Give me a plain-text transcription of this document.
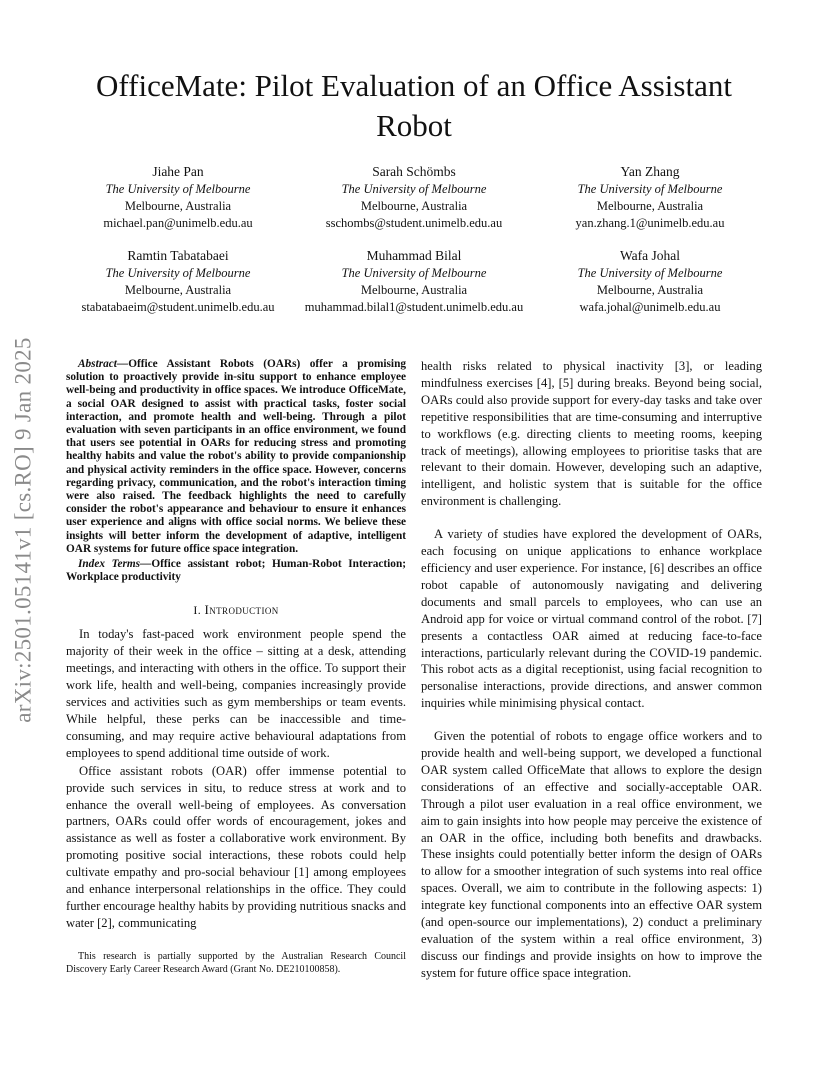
arXiv:2501.05141v1 [cs.RO] 9 Jan 2025
OfficeMate: Pilot Evaluation of an Office Assistant Robot
Jiahe Pan
The University of Melbourne
Melbourne, Australia
michael.pan@unimelb.edu.au
Sarah Schömbs
The University of Melbourne
Melbourne, Australia
sschombs@student.unimelb.edu.au
Yan Zhang
The University of Melbourne
Melbourne, Australia
yan.zhang.1@unimelb.edu.au
Ramtin Tabatabaei
The University of Melbourne
Melbourne, Australia
stabatabaeim@student.unimelb.edu.au
Muhammad Bilal
The University of Melbourne
Melbourne, Australia
muhammad.bilal1@student.unimelb.edu.au
Wafa Johal
The University of Melbourne
Melbourne, Australia
wafa.johal@unimelb.edu.au

Abstract—Office Assistant Robots (OARs) offer a promising solution to proactively provide in-situ support to enhance employee well-being and productivity in office spaces. We introduce OfficeMate, a social OAR designed to assist with practical tasks, foster social interaction, and promote health and well-being. Through a pilot evaluation with seven participants in an office environment, we found that users see potential in OARs for reducing stress and promoting healthy habits and value the robot's ability to provide companionship and physical activity reminders in the office space. However, concerns regarding privacy, communication, and the robot's interaction timing were also raised. The feedback highlights the need to carefully consider the robot's appearance and behaviour to ensure it enhances user experience and aligns with office social norms. We believe these insights will better inform the development of adaptive, intelligent OAR systems for future office space integration.

Index Terms—Office assistant robot; Human-Robot Interaction; Workplace productivity

I. Introduction

In today's fast-paced work environment people spend the majority of their week in the office – sitting at a desk, attending meetings, and interacting with others in the office. To support their work life, health and well-being, companies increasingly provide services and activities such as gym memberships or team events. While helpful, these perks can be inaccessible and time-consuming, and may require active behavioural adaptations from employees to spend additional time outside of work.

Office assistant robots (OAR) offer immense potential to provide such services in situ, to reduce stress at work and to enhance the overall well-being of employees. As conversation partners, OARs could offer words of encouragement, jokes and assistance as well as foster a collaborative work environment. By promoting positive social interactions, these robots could help cultivate empathy and pro-social behaviour [1] among employees and enhance interpersonal relationships in the office. They could further encourage healthy habits by providing nutritious snacks and water [2], communicating

This research is partially supported by the Australian Research Council Discovery Early Career Research Award (Grant No. DE210100858).

health risks related to physical inactivity [3], or leading mindfulness exercises [4], [5] during breaks. Beyond being social, OARs could also provide support for every-day tasks and take over repetitive responsibilities that are time-consuming and interruptive to workflows (e.g. directing clients to meeting rooms, keeping track of meetings), allowing employees to prioritise tasks that are relevant to their domain. However, developing such an adaptive, intelligent, and holistic system that is suitable for the office environment is challenging.

A variety of studies have explored the development of OARs, each focusing on unique applications to enhance workplace efficiency and user experience. For instance, [6] describes an office robot capable of autonomously navigating and delivering documents and small parcels to employees, who can use an Android app for voice or virtual command control of the robot. [7] presents a contactless OAR aimed at reducing face-to-face interactions, particularly relevant during the COVID-19 pandemic. This robot acts as a digital receptionist, using facial recognition to personalise interactions, provide directions, and answer common inquiries while minimising physical contact.

Given the potential of robots to engage office workers and to provide health and well-being support, we developed a functional OAR system called OfficeMate that allows to explore the design considerations of an effective and socially-acceptable OAR. Through a pilot user evaluation in a real office environment, we aim to gain insights into how people may perceive the existence of an OAR in the office, including both benefits and drawbacks. These insights could potentially better inform the design of OARs to allow for a smoother integration of such systems into real office spaces. Overall, we aim to contribute in the following aspects: 1) integrate key functional components into an effective OAR system (and open-source our implementations), 2) conduct a preliminary evaluation of the system within a real office environment, 3) discuss our findings and provide insights on how to improve the system for future office space integration.
